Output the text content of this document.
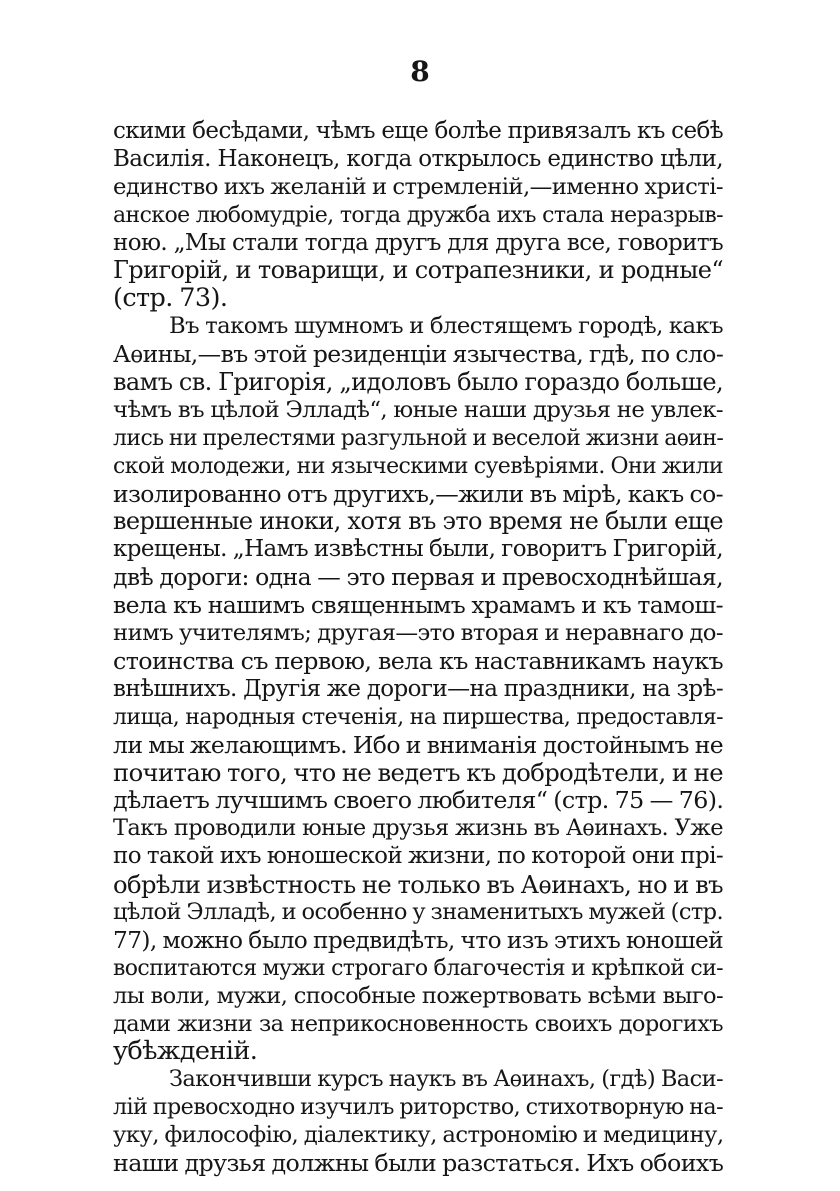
8
скими бесѣдами, чѣмъ еще болѣе привязалъ къ себѣ
Василія. Наконецъ, когда открылось единство цѣли,
единство ихъ желаній и стремленій,—именно христі-
анское любомудріе, тогда дружба ихъ стала неразрыв-
ною. „Мы стали тогда другъ для друга все, говоритъ
Григорій, и товарищи, и сотрапезники, и родные“
(стр. 73).
Въ такомъ шумномъ и блестящемъ городѣ, какъ
Аѳины,—въ этой резиденціи язычества, гдѣ, по сло-
вамъ св. Григорія, „идоловъ было гораздо больше,
чѣмъ въ цѣлой Элладѣ“, юные наши друзья не увлек-
лись ни прелестями разгульной и веселой жизни аѳин-
ской молодежи, ни языческими суевѣріями. Они жили
изолированно отъ другихъ,—жили въ мірѣ, какъ со-
вершенные иноки, хотя въ это время не были еще
крещены. „Намъ извѣстны были, говоритъ Григорій,
двѣ дороги: одна — это первая и превосходнѣйшая,
вела къ нашимъ священнымъ храмамъ и къ тамош-
нимъ учителямъ; другая—это вторая и неравнаго до-
стоинства съ первою, вела къ наставникамъ наукъ
внѣшнихъ. Другія же дороги—на праздники, на зрѣ-
лища, народныя стеченія, на пиршества, предоставля-
ли мы желающимъ. Ибо и вниманія достойнымъ не
почитаю того, что не ведетъ къ добродѣтели, и не
дѣлаетъ лучшимъ своего любителя“ (стр. 75 — 76).
Такъ проводили юные друзья жизнь въ Аѳинахъ. Уже
по такой ихъ юношеской жизни, по которой они прі-
обрѣли извѣстность не только въ Аѳинахъ, но и въ
цѣлой Элладѣ, и особенно у знаменитыхъ мужей (стр.
77), можно было предвидѣть, что изъ этихъ юношей
воспитаются мужи строгаго благочестія и крѣпкой си-
лы воли, мужи, способные пожертвовать всѣми выго-
дами жизни за неприкосновенность своихъ дорогихъ
убѣжденій.
Закончивши курсъ наукъ въ Аѳинахъ, (гдѣ) Васи-
лій превосходно изучилъ риторство, стихотворную на-
уку, философію, діалектику, астрономію и медицину,
наши друзья должны были разстаться. Ихъ обоихъ
